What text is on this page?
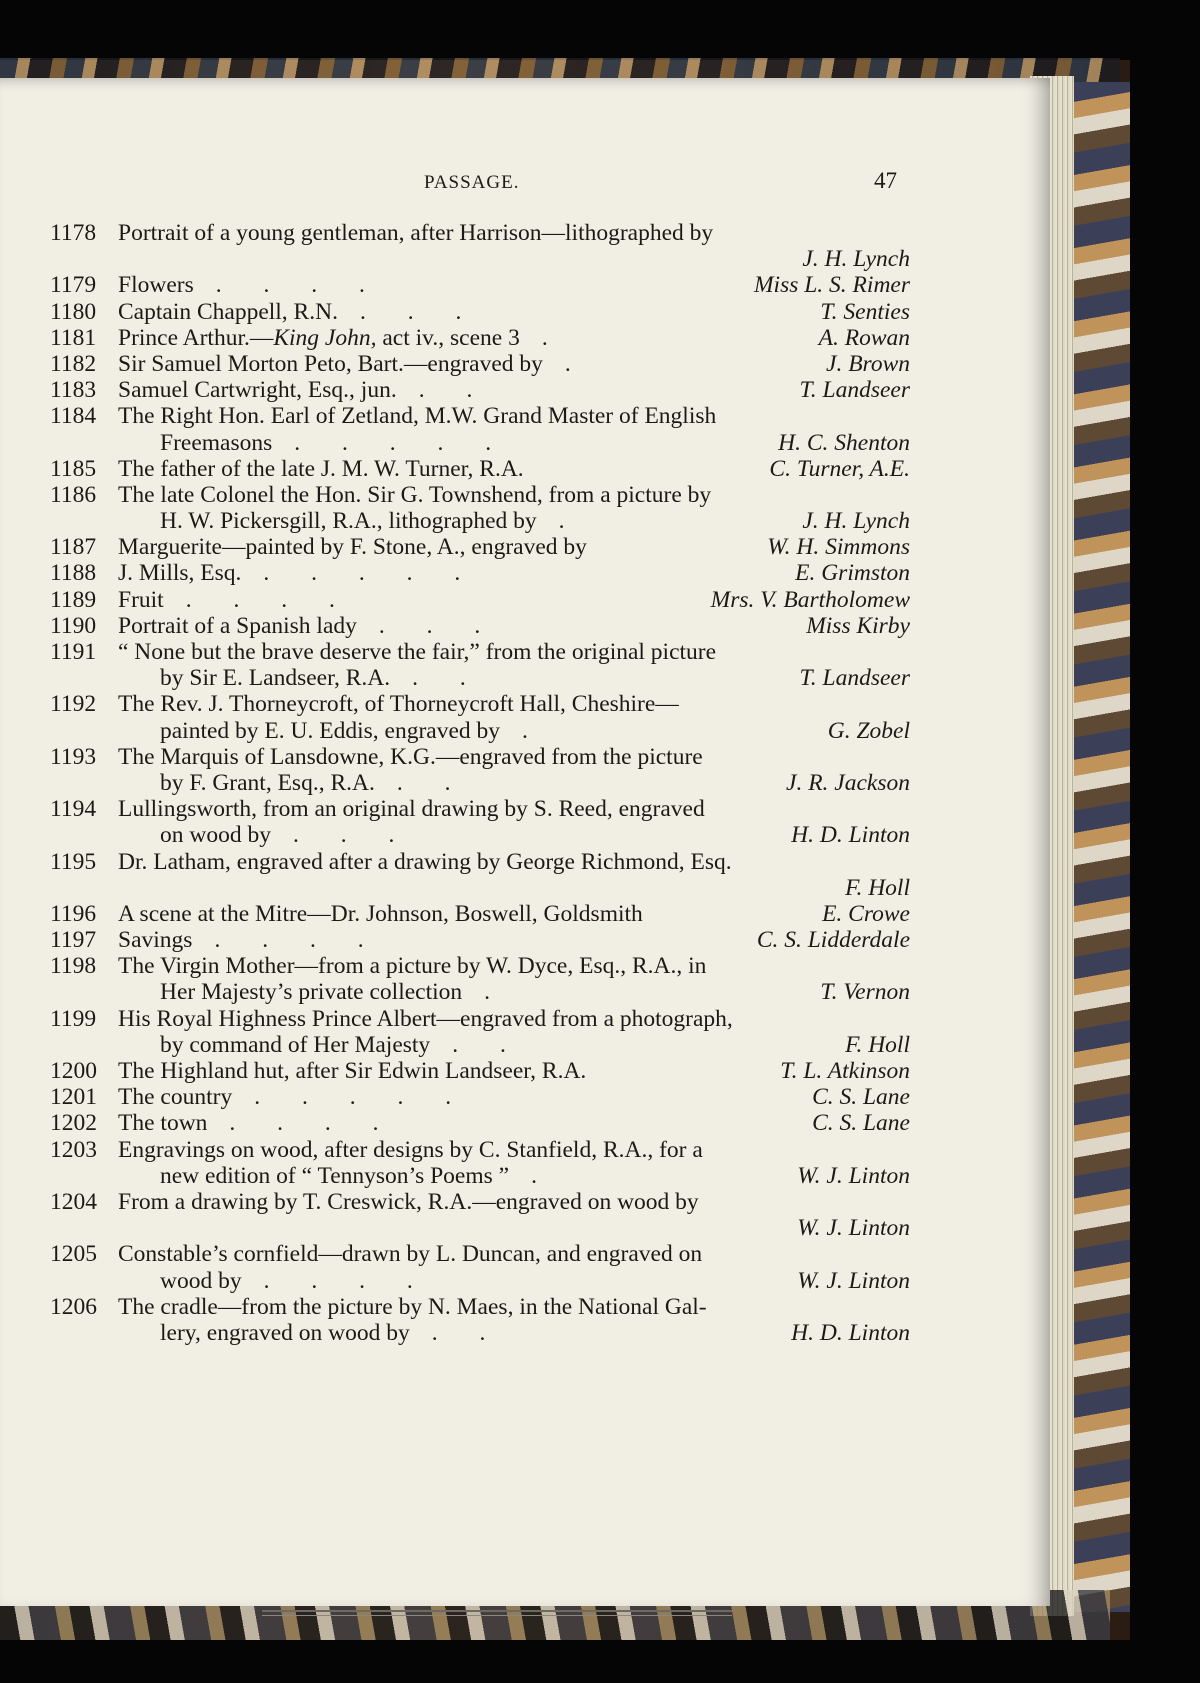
PASSAGE.	47
1178 Portrait of a young gentleman, after Harrison—lithographed by
J. H. Lynch
1179 Flowers . . . .	Miss L. S. Rimer
1180 Captain Chappell, R.N. . . .	T. Senties
1181 Prince Arthur.—King John, act iv., scene 3 .	A. Rowan
1182 Sir Samuel Morton Peto, Bart.—engraved by .	J. Brown
1183 Samuel Cartwright, Esq., jun. . .	T. Landseer
1184 The Right Hon. Earl of Zetland, M.W. Grand Master of English
Freemasons . . . . .	H. C. Shenton
1185 The father of the late J. M. W. Turner, R.A.	C. Turner, A.E.
1186 The late Colonel the Hon. Sir G. Townshend, from a picture by
H. W. Pickersgill, R.A., lithographed by .	J. H. Lynch
1187 Marguerite—painted by F. Stone, A., engraved by	W. H. Simmons
1188 J. Mills, Esq. . . . . .	E. Grimston
1189 Fruit . . . .	Mrs. V. Bartholomew
1190 Portrait of a Spanish lady . . .	Miss Kirby
1191 “ None but the brave deserve the fair,” from the original picture
by Sir E. Landseer, R.A. . .	T. Landseer
1192 The Rev. J. Thorneycroft, of Thorneycroft Hall, Cheshire—
painted by E. U. Eddis, engraved by .	G. Zobel
1193 The Marquis of Lansdowne, K.G.—engraved from the picture
by F. Grant, Esq., R.A. . .	J. R. Jackson
1194 Lullingsworth, from an original drawing by S. Reed, engraved
on wood by . . .	H. D. Linton
1195 Dr. Latham, engraved after a drawing by George Richmond, Esq.
F. Holl
1196 A scene at the Mitre—Dr. Johnson, Boswell, Goldsmith	E. Crowe
1197 Savings . . . .	C. S. Lidderdale
1198 The Virgin Mother—from a picture by W. Dyce, Esq., R.A., in
Her Majesty’s private collection .	T. Vernon
1199 His Royal Highness Prince Albert—engraved from a photograph,
by command of Her Majesty . .	F. Holl
1200 The Highland hut, after Sir Edwin Landseer, R.A.	T. L. Atkinson
1201 The country . . . . .	C. S. Lane
1202 The town . . . .	C. S. Lane
1203 Engravings on wood, after designs by C. Stanfield, R.A., for a
new edition of “ Tennyson’s Poems ” .	W. J. Linton
1204 From a drawing by T. Creswick, R.A.—engraved on wood by
W. J. Linton
1205 Constable’s cornfield—drawn by L. Duncan, and engraved on
wood by . . . .	W. J. Linton
1206 The cradle—from the picture by N. Maes, in the National Gal-
lery, engraved on wood by . .	H. D. Linton
